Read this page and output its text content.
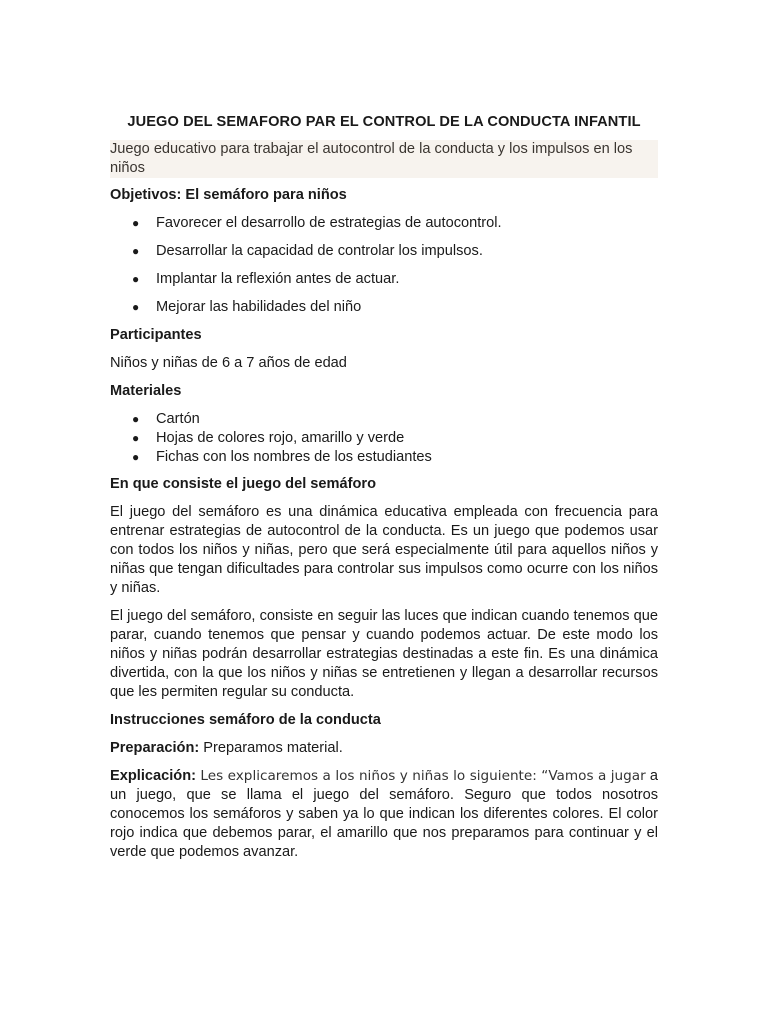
JUEGO DEL SEMAFORO PAR EL CONTROL DE LA CONDUCTA INFANTIL
Juego educativo para trabajar el autocontrol de la conducta y los impulsos en los niños
Objetivos: El semáforo para niños
● Favorecer el desarrollo de estrategias de autocontrol.
● Desarrollar la capacidad de controlar los impulsos.
● Implantar la reflexión antes de actuar.
● Mejorar las habilidades del niño
Participantes

Niños y niñas de 6 a 7 años de edad

Materiales
● Cartón
● Hojas de colores rojo, amarillo y verde
● Fichas con los nombres de los estudiantes
En que consiste el juego del semáforo

El juego del semáforo es una dinámica educativa empleada con frecuencia para entrenar estrategias de autocontrol de la conducta. Es un juego que podemos usar con todos los niños y niñas, pero que será especialmente útil para aquellos niños y niñas que tengan dificultades para controlar sus impulsos como ocurre con los niños y niñas.

El juego del semáforo, consiste en seguir las luces que indican cuando tenemos que parar, cuando tenemos que pensar y cuando podemos actuar. De este modo los niños y niñas podrán desarrollar estrategias destinadas a este fin. Es una dinámica divertida, con la que los niños y niñas se entretienen y llegan a desarrollar recursos que les permiten regular su conducta.

Instrucciones semáforo de la conducta

Preparación: Preparamos material.

Explicación: Les explicaremos a los niños y niñas lo siguiente: “Vamos a jugar a un juego, que se llama el juego del semáforo. Seguro que todos nosotros conocemos los semáforos y saben ya lo que indican los diferentes colores. El color rojo indica que debemos parar, el amarillo que nos preparamos para continuar y el verde que podemos avanzar.
